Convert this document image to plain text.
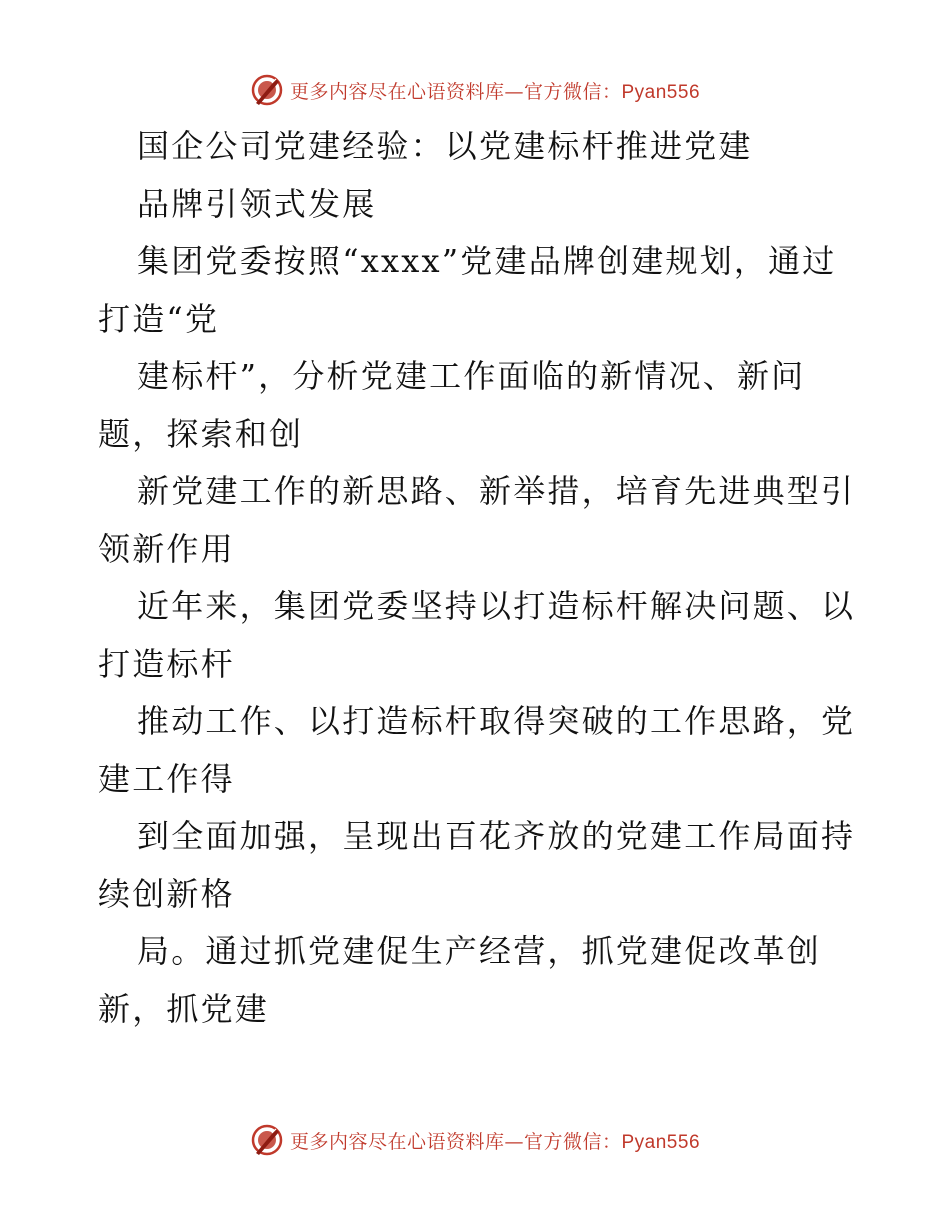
更多内容尽在心语资料库—官方微信：Pyan556

国企公司党建经验：以党建标杆推进党建

品牌引领式发展

集团党委按照“xxxx”党建品牌创建规划，通过
打造“党

建标杆”，分析党建工作面临的新情况、新问
题，探索和创

新党建工作的新思路、新举措，培育先进典型引
领新作用

近年来，集团党委坚持以打造标杆解决问题、以
打造标杆

推动工作、以打造标杆取得突破的工作思路，党
建工作得

到全面加强，呈现出百花齐放的党建工作局面持
续创新格

局。通过抓党建促生产经营，抓党建促改革创
新，抓党建

更多内容尽在心语资料库—官方微信：Pyan556
